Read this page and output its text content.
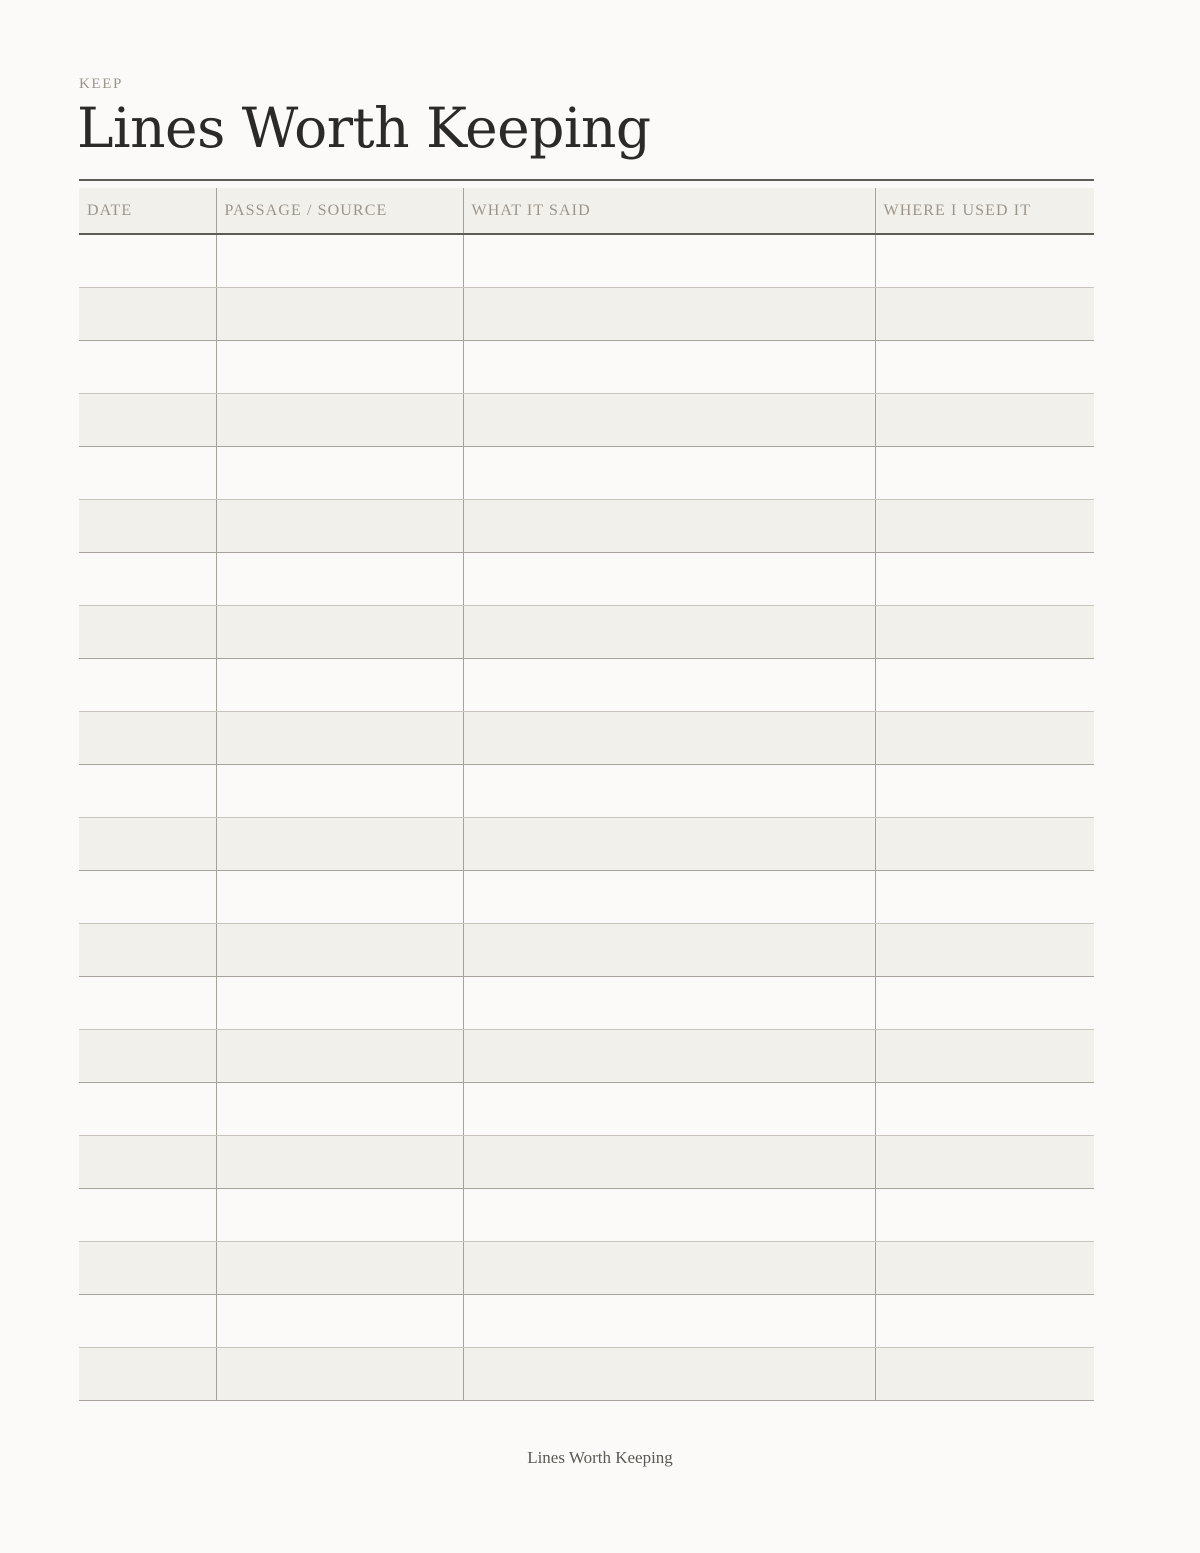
KEEP
Lines Worth Keeping
DATE	PASSAGE / SOURCE	WHAT IT SAID	WHERE I USED IT

Lines Worth Keeping
